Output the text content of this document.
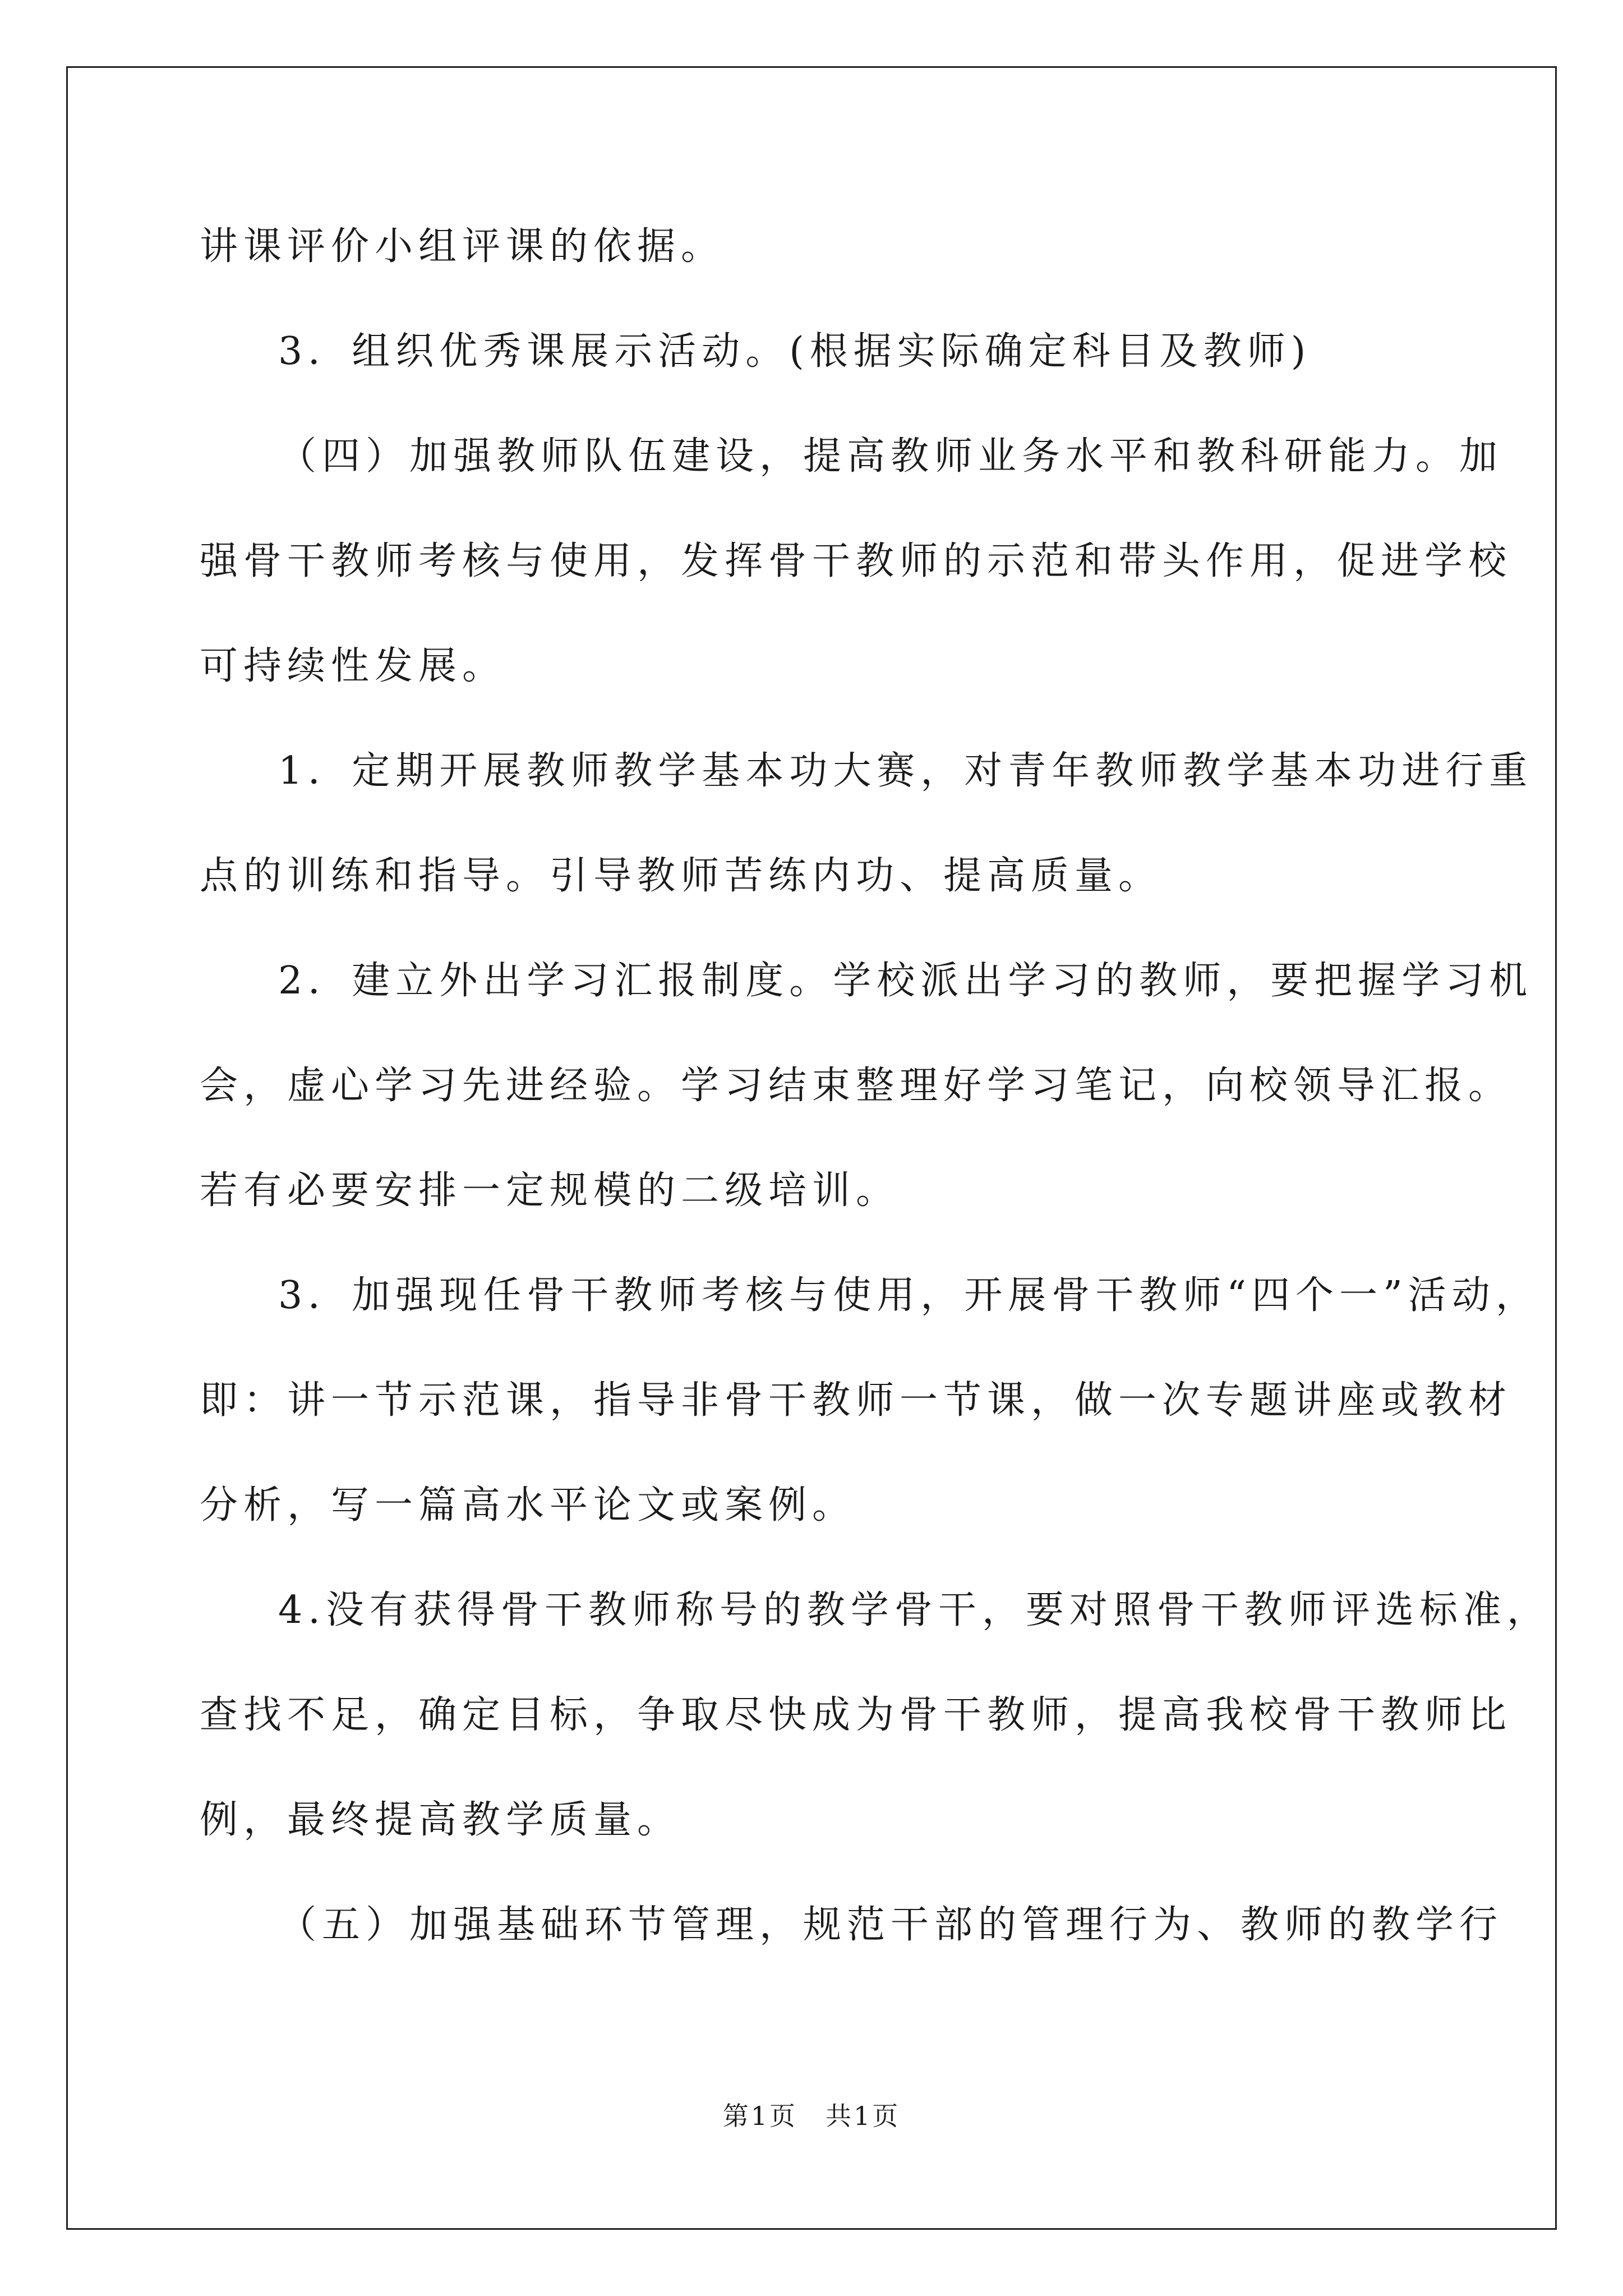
讲课评价小组评课的依据。
3．组织优秀课展示活动。(根据实际确定科目及教师)
（四）加强教师队伍建设，提高教师业务水平和教科研能力。加
强骨干教师考核与使用，发挥骨干教师的示范和带头作用，促进学校
可持续性发展。
1．定期开展教师教学基本功大赛，对青年教师教学基本功进行重
点的训练和指导。引导教师苦练内功、提高质量。
2．建立外出学习汇报制度。学校派出学习的教师，要把握学习机
会，虚心学习先进经验。学习结束整理好学习笔记，向校领导汇报。
若有必要安排一定规模的二级培训。
3．加强现任骨干教师考核与使用，开展骨干教师“四个一”活动，
即：讲一节示范课，指导非骨干教师一节课，做一次专题讲座或教材
分析，写一篇高水平论文或案例。
4.没有获得骨干教师称号的教学骨干，要对照骨干教师评选标准，
查找不足，确定目标，争取尽快成为骨干教师，提高我校骨干教师比
例，最终提高教学质量。
（五）加强基础环节管理，规范干部的管理行为、教师的教学行
第1页　共1页
